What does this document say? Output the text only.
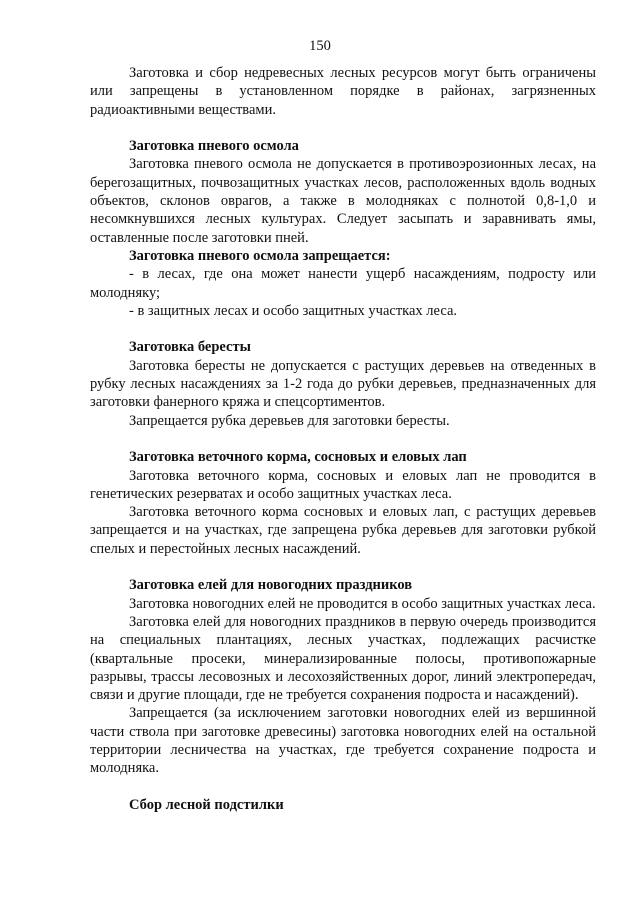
150

Заготовка и сбор недревесных лесных ресурсов могут быть ограничены или запрещены в установленном порядке в районах, загрязненных радиоактивными веществами.

Заготовка пневого осмола

Заготовка пневого осмола не допускается в противоэрозионных лесах, на берегозащитных, почвозащитных участках лесов, расположенных вдоль водных объектов, склонов оврагов, а также в молодняках с полнотой 0,8-1,0 и несомкнувшихся лесных культурах. Следует засыпать и заравнивать ямы, оставленные после заготовки пней.

Заготовка пневого осмола запрещается:

- в лесах, где она может нанести ущерб насаждениям, подросту или молодняку;

- в защитных лесах и особо защитных участках леса.

Заготовка бересты

Заготовка бересты не допускается с растущих деревьев на отведенных в рубку лесных насаждениях за 1-2 года до рубки деревьев, предназначенных для заготовки фанерного кряжа и спецсортиментов.

Запрещается рубка деревьев для заготовки бересты.

Заготовка веточного корма, сосновых и еловых лап

Заготовка веточного корма, сосновых и еловых лап не проводится в генетических резерватах и особо защитных участках леса.

Заготовка веточного корма сосновых и еловых лап, с растущих деревьев запрещается и на участках, где запрещена рубка деревьев для заготовки рубкой спелых и перестойных лесных насаждений.

Заготовка елей для новогодних праздников

Заготовка новогодних елей не проводится в особо защитных участках леса.

Заготовка елей для новогодних праздников в первую очередь производится на специальных плантациях, лесных участках, подлежащих расчистке (квартальные просеки, минерализированные полосы, противопожарные разрывы, трассы лесовозных и лесохозяйственных дорог, линий электропередач, связи и другие площади, где не требуется сохранения подроста и насаждений).

Запрещается (за исключением заготовки новогодних елей из вершинной части ствола при заготовке древесины) заготовка новогодних елей на остальной территории лесничества на участках, где требуется сохранение подроста и молодняка.

Сбор лесной подстилки
